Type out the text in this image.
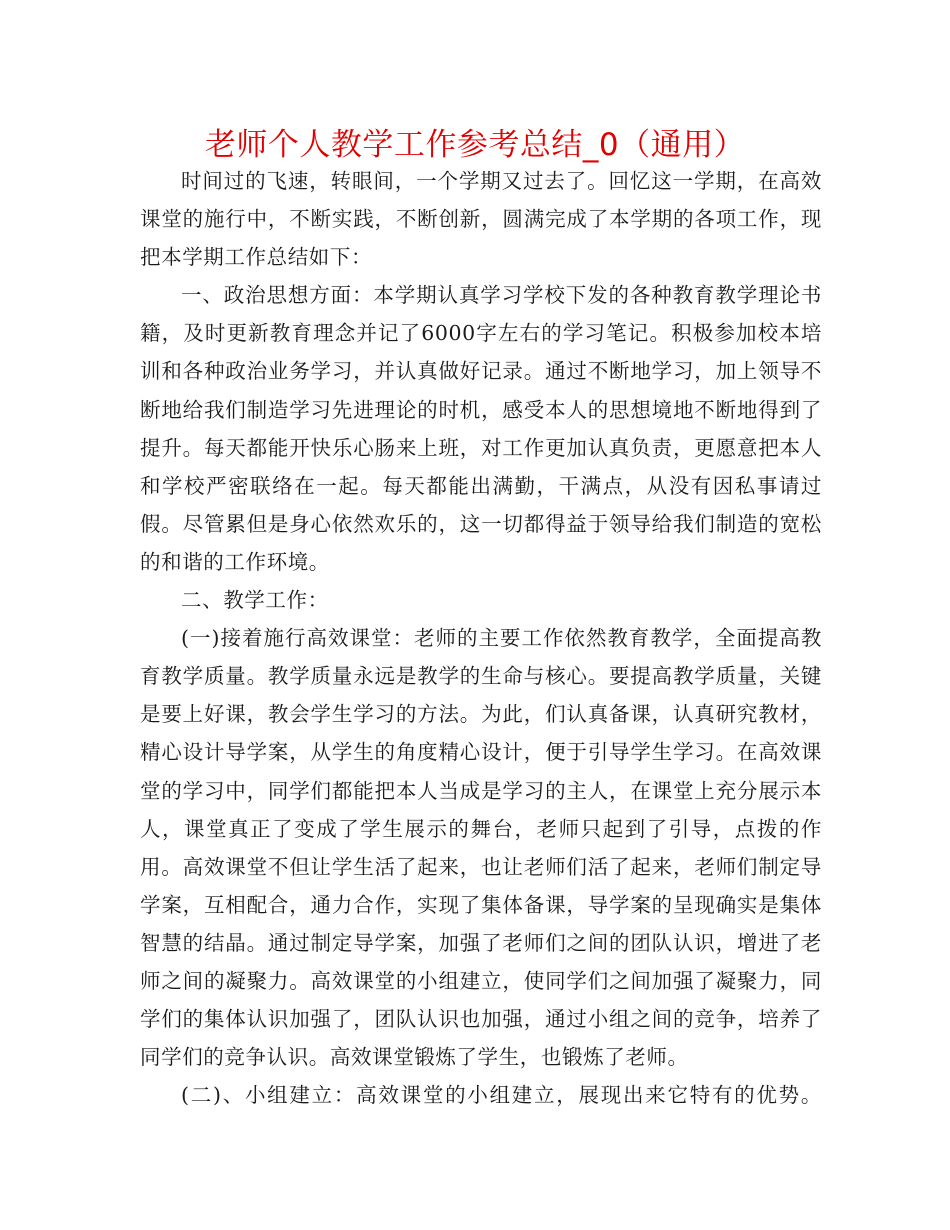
老师个人教学工作参考总结_0（通用）

时间过的飞速，转眼间，一个学期又过去了。回忆这一学期，在高效课堂的施行中，不断实践，不断创新，圆满完成了本学期的各项工作，现把本学期工作总结如下：

一、政治思想方面：本学期认真学习学校下发的各种教育教学理论书籍，及时更新教育理念并记了6000字左右的学习笔记。积极参加校本培训和各种政治业务学习，并认真做好记录。通过不断地学习，加上领导不断地给我们制造学习先进理论的时机，感受本人的思想境地不断地得到了提升。每天都能开快乐心肠来上班，对工作更加认真负责，更愿意把本人和学校严密联络在一起。每天都能出满勤，干满点，从没有因私事请过假。尽管累但是身心依然欢乐的，这一切都得益于领导给我们制造的宽松的和谐的工作环境。

二、教学工作：

(一)接着施行高效课堂：老师的主要工作依然教育教学，全面提高教育教学质量。教学质量永远是教学的生命与核心。要提高教学质量，关键是要上好课，教会学生学习的方法。为此，们认真备课，认真研究教材，精心设计导学案，从学生的角度精心设计，便于引导学生学习。在高效课堂的学习中，同学们都能把本人当成是学习的主人，在课堂上充分展示本人，课堂真正了变成了学生展示的舞台，老师只起到了引导，点拨的作用。高效课堂不但让学生活了起来，也让老师们活了起来，老师们制定导学案，互相配合，通力合作，实现了集体备课，导学案的呈现确实是集体智慧的结晶。通过制定导学案，加强了老师们之间的团队认识，增进了老师之间的凝聚力。高效课堂的小组建立，使同学们之间加强了凝聚力，同学们的集体认识加强了，团队认识也加强，通过小组之间的竞争，培养了同学们的竞争认识。高效课堂锻炼了学生，也锻炼了老师。

(二)、小组建立：高效课堂的小组建立，展现出来它特有的优势。
